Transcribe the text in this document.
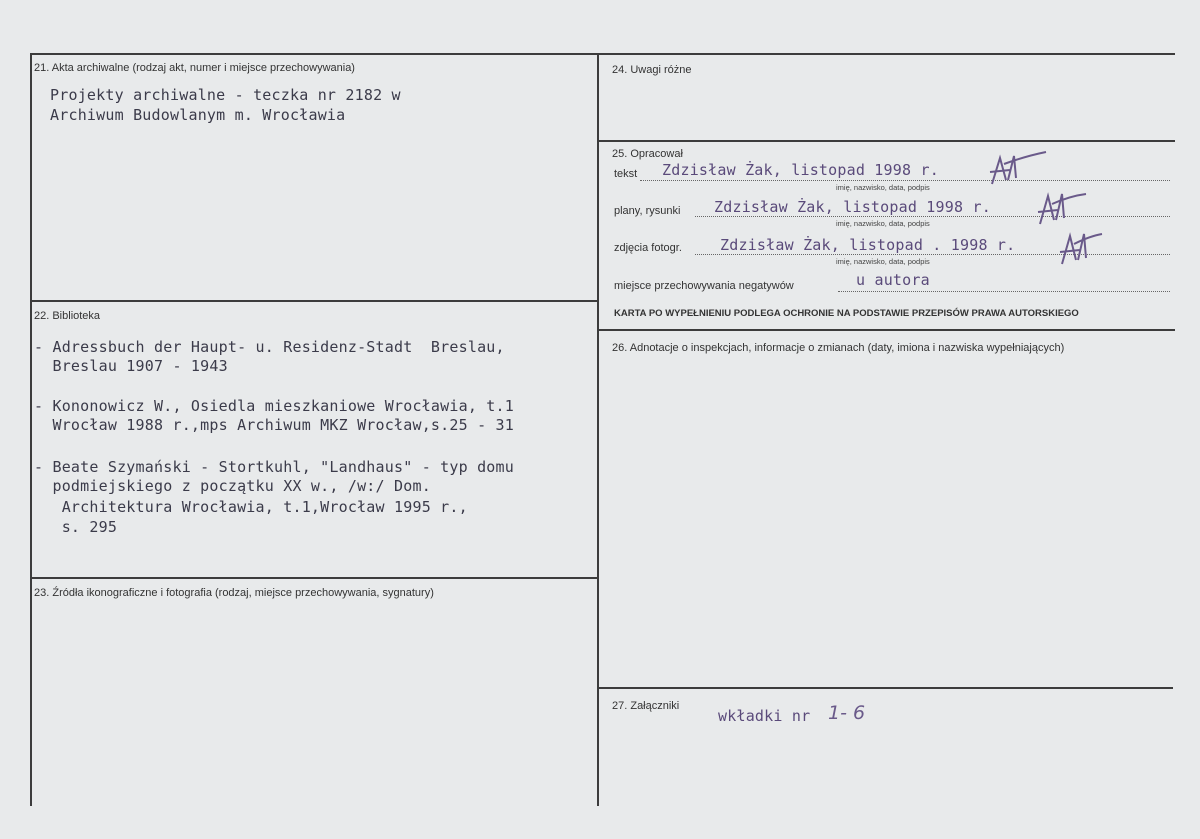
21. Akta archiwalne (rodzaj akt, numer i miejsce przechowywania)
Projekty archiwalne - teczka nr 2182 w
Archiwum Budowlanym m. Wrocławia
22. Biblioteka
- Adressbuch der Haupt- u. Residenz-Stadt  Breslau,
Breslau 1907 - 1943
- Kononowicz W., Osiedla mieszkaniowe Wrocławia, t.1
Wrocław 1988 r.,mps Archiwum MKZ Wrocław,s.25 - 31
- Beate Szymański - Stortkuhl, "Landhaus" - typ domu
podmiejskiego z początku XX w., /w:/ Dom.
Architektura Wrocławia, t.1,Wrocław 1995 r.,
s. 295
23. Źródła ikonograficzne i fotografia (rodzaj, miejsce przechowywania, sygnatury)
24. Uwagi różne
25. Opracował
tekst Zdzisław Żak, listopad 1998 r.
imię, nazwisko, data, podpis
plany, rysunki Zdzisław Żak, listopad 1998 r.
imię, nazwisko, data, podpis
zdjęcia fotogr.	Zdzisław Żak, listopad . 1998 r.
imię, nazwisko, data, podpis
miejsce przechowywania negatywów	u autora
KARTA PO WYPEŁNIENIU PODLEGA OCHRONIE NA PODSTAWIE PRZEPISÓW PRAWA AUTORSKIEGO
26. Adnotacje o inspekcjach, informacje o zmianach (daty, imiona i nazwiska wypełniających)
27. Załączniki
wkładki nr 1- 6
